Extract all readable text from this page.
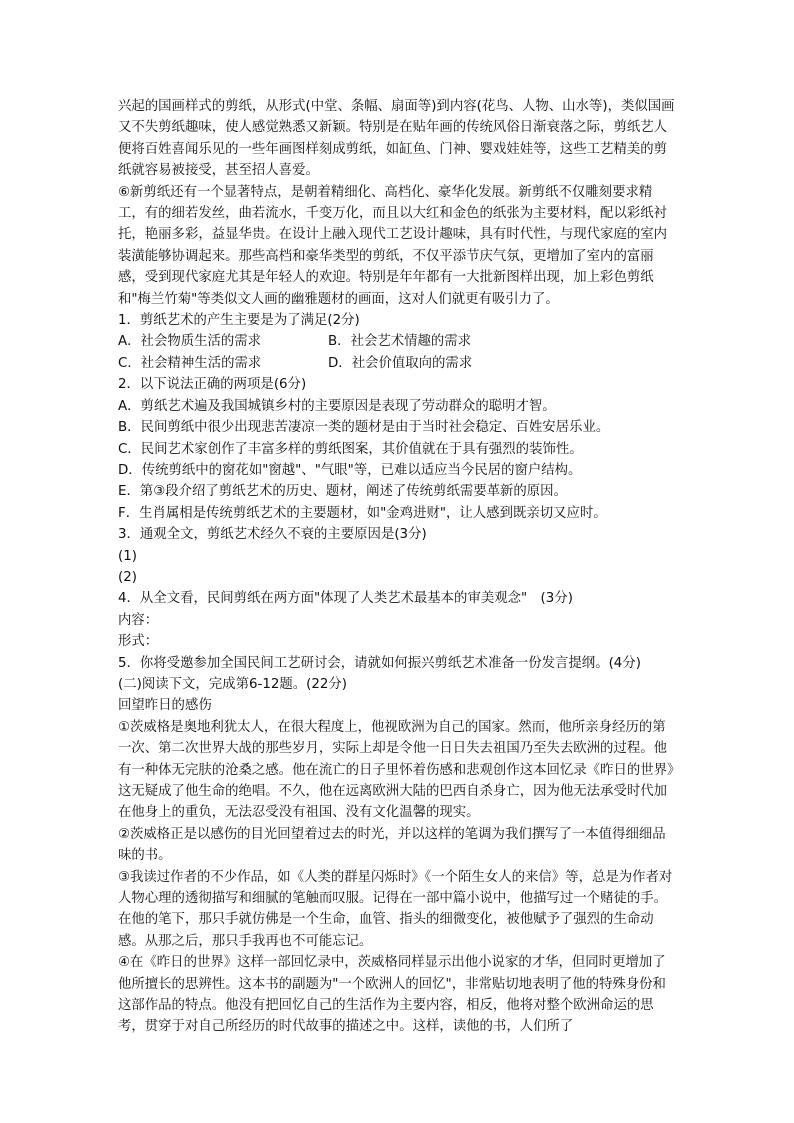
兴起的国画样式的剪纸，从形式(中堂、条幅、扇面等)到内容(花鸟、人物、山水等)，类似国画又不失剪纸趣味，使人感觉熟悉又新颖。特别是在贴年画的传统风俗日渐衰落之际，剪纸艺人便将百姓喜闻乐见的一些年画图样刻成剪纸，如缸鱼、门神、婴戏娃娃等，这些工艺精美的剪纸就容易被接受，甚至招人喜爱。

⑥新剪纸还有一个显著特点，是朝着精细化、高档化、豪华化发展。新剪纸不仅雕刻要求精工，有的细若发丝，曲若流水，千变万化，而且以大红和金色的纸张为主要材料，配以彩纸衬托，艳丽多彩，益显华贵。在设计上融入现代工艺设计趣味，具有时代性，与现代家庭的室内装潢能够协调起来。那些高档和豪华类型的剪纸，不仅平添节庆气氛，更增加了室内的富丽感，受到现代家庭尤其是年轻人的欢迎。特别是年年都有一大批新图样出现，加上彩色剪纸和"梅兰竹菊"等类似文人画的幽雅题材的画面，这对人们就更有吸引力了。

1．剪纸艺术的产生主要是为了满足(2分)

A．社会物质生活的需求	B．社会艺术情趣的需求
C．社会精神生活的需求	D．社会价值取向的需求

2．以下说法正确的两项是(6分)

A．剪纸艺术遍及我国城镇乡村的主要原因是表现了劳动群众的聪明才智。

B．民间剪纸中很少出现悲苦凄凉一类的题材是由于当时社会稳定、百姓安居乐业。

C．民间艺术家创作了丰富多样的剪纸图案，其价值就在于具有强烈的装饰性。

D．传统剪纸中的窗花如"窗越"、"气眼"等，已难以适应当今民居的窗户结构。

E．第③段介绍了剪纸艺术的历史、题材，阐述了传统剪纸需要革新的原因。

F．生肖属相是传统剪纸艺术的主要题材，如"金鸡进财"，让人感到既亲切又应时。

3．通观全文，剪纸艺术经久不衰的主要原因是(3分)

(1)

(2)

4．从全文看，民间剪纸在两方面"体现了人类艺术最基本的审美观念"　(3分)

内容：

形式：

5．你将受邀参加全国民间工艺研讨会，请就如何振兴剪纸艺术准备一份发言提纲。(4分)

(二)阅读下文，完成第6-12题。(22分)

回望昨日的感伤

①茨威格是奥地利犹太人，在很大程度上，他视欧洲为自己的国家。然而，他所亲身经历的第一次、第二次世界大战的那些岁月，实际上却是令他一日日失去祖国乃至失去欧洲的过程。他有一种体无完肤的沧桑之感。他在流亡的日子里怀着伤感和悲观创作这本回忆录《昨日的世界》这无疑成了他生命的绝唱。不久，他在远离欧洲大陆的巴西自杀身亡，因为他无法承受时代加在他身上的重负，无法忍受没有祖国、没有文化温馨的现实。

②茨威格正是以感伤的目光回望着过去的时光，并以这样的笔调为我们撰写了一本值得细细品味的书。

③我读过作者的不少作品，如《人类的群星闪烁时》《一个陌生女人的来信》等，总是为作者对人物心理的透彻描写和细腻的笔触而叹服。记得在一部中篇小说中，他描写过一个赌徒的手。在他的笔下，那只手就仿佛是一个生命，血管、指头的细微变化，被他赋予了强烈的生命动感。从那之后，那只手我再也不可能忘记。

④在《昨日的世界》这样一部回忆录中，茨威格同样显示出他小说家的才华，但同时更增加了他所擅长的思辨性。这本书的副题为"一个欧洲人的回忆"，非常贴切地表明了他的特殊身份和这部作品的特点。他没有把回忆自己的生活作为主要内容，相反，他将对整个欧洲命运的思考，贯穿于对自己所经历的时代故事的描述之中。这样，读他的书，人们所了
